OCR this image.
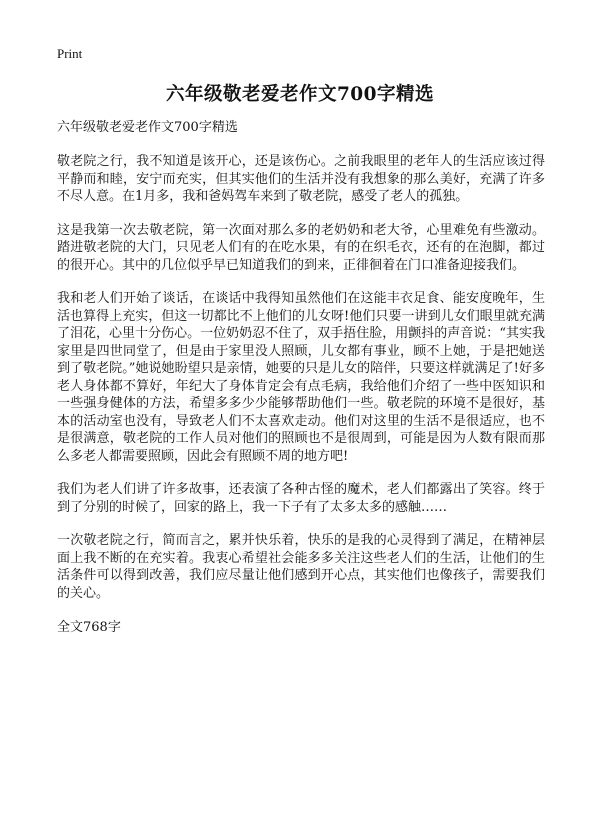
Print
六年级敬老爱老作文700字精选

六年级敬老爱老作文700字精选

敬老院之行，我不知道是该开心，还是该伤心。之前我眼里的老年人的生活应该过得平静而和睦，安宁而充实，但其实他们的生活并没有我想象的那么美好，充满了许多不尽人意。在1月多，我和爸妈驾车来到了敬老院，感受了老人的孤独。

这是我第一次去敬老院，第一次面对那么多的老奶奶和老大爷，心里难免有些激动。踏进敬老院的大门，只见老人们有的在吃水果，有的在织毛衣，还有的在泡脚，都过的很开心。其中的几位似乎早已知道我们的到来，正徘徊着在门口准备迎接我们。

我和老人们开始了谈话，在谈话中我得知虽然他们在这能丰衣足食、能安度晚年，生活也算得上充实，但这一切都比不上他们的儿女呀!他们只要一讲到儿女们眼里就充满了泪花，心里十分伤心。一位奶奶忍不住了，双手捂住脸，用颤抖的声音说：“其实我家里是四世同堂了，但是由于家里没人照顾，儿女都有事业，顾不上她，于是把她送到了敬老院。”她说她盼望只是亲情，她要的只是儿女的陪伴，只要这样就满足了!好多老人身体都不算好，年纪大了身体肯定会有点毛病，我给他们介绍了一些中医知识和一些强身健体的方法，希望多多少少能够帮助他们一些。敬老院的环境不是很好，基本的活动室也没有，导致老人们不太喜欢走动。他们对这里的生活不是很适应，也不是很满意，敬老院的工作人员对他们的照顾也不是很周到，可能是因为人数有限而那么多老人都需要照顾，因此会有照顾不周的地方吧!

我们为老人们讲了许多故事，还表演了各种古怪的魔术，老人们都露出了笑容。终于到了分别的时候了，回家的路上，我一下子有了太多太多的感触……

一次敬老院之行，简而言之，累并快乐着，快乐的是我的心灵得到了满足，在精神层面上我不断的在充实着。我衷心希望社会能多多关注这些老人们的生活，让他们的生活条件可以得到改善，我们应尽量让他们感到开心点，其实他们也像孩子，需要我们的关心。

全文768字
